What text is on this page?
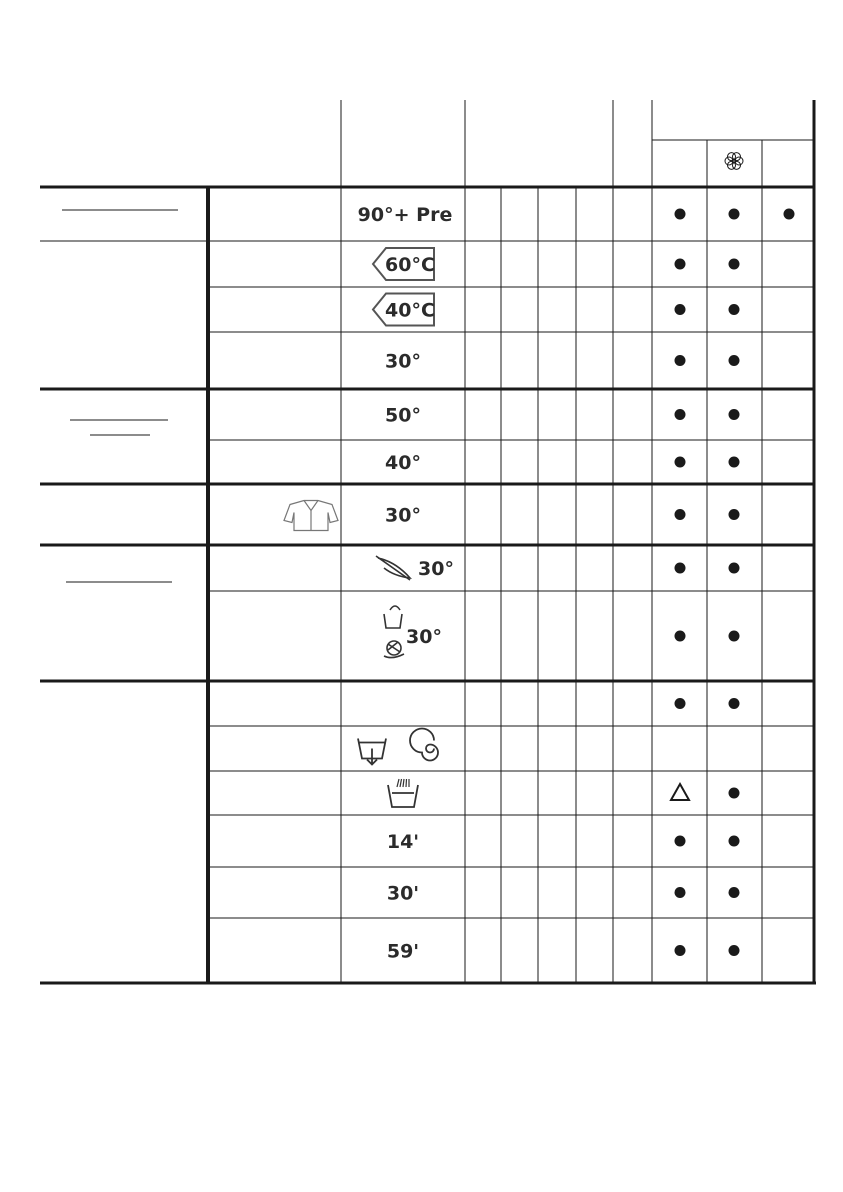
90°+ Pre
60°C
40°C
30°
50°
40°
30°
30°
30°
14'
30'
59'
